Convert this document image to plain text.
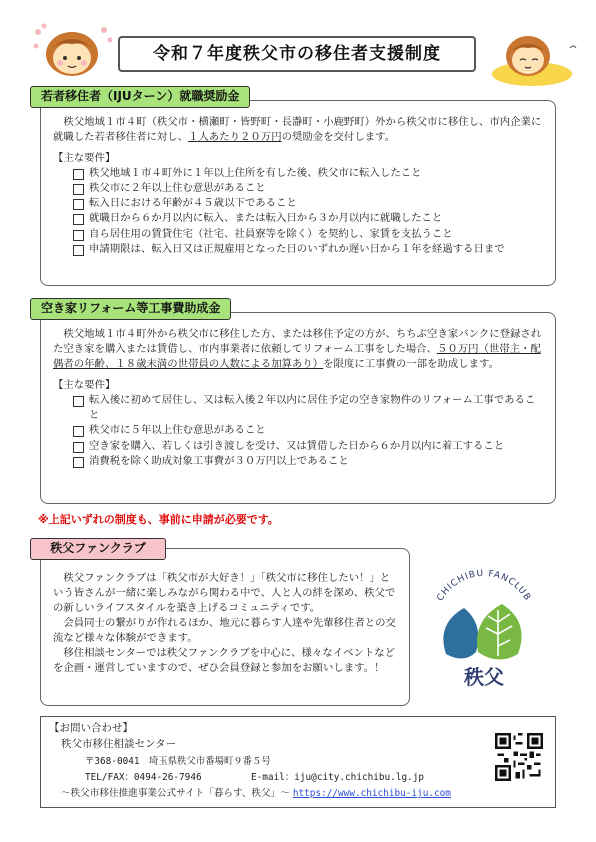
令和７年度秩父市の移住者支援制度

秩父地域１市４町（秩父市・横瀬町・皆野町・長瀞町・小鹿野町）外から秩父市に移住し、市内企業に就職した若者移住者に対し、１人あたり２０万円の奨励金を交付します。

【主な要件】

秩父地域１市４町外に１年以上住所を有した後、秩父市に転入したこと
秩父市に２年以上住む意思があること
転入日における年齢が４５歳以下であること
就職日から６か月以内に転入、または転入日から３か月以内に就職したこと
自ら居住用の賃貸住宅（社宅、社員寮等を除く）を契約し、家賃を支払うこと
申請期限は、転入日又は正規雇用となった日のいずれか遅い日から１年を経過する日まで
若者移住者（IJUターン）就職奨励金

秩父地域１市４町外から秩父市に移住した方、または移住予定の方が、ちちぶ空き家バンクに登録された空き家を購入または賃借し、市内事業者に依頼してリフォーム工事をした場合、５０万円（世帯主・配偶者の年齢、１８歳未満の世帯員の人数による加算あり）を限度に工事費の一部を助成します。

【主な要件】

転入後に初めて居住し、又は転入後２年以内に居住予定の空き家物件のリフォーム工事であること
秩父市に５年以上住む意思があること
空き家を購入、若しくは引き渡しを受け、又は賃借した日から６か月以内に着工すること
消費税を除く助成対象工事費が３０万円以上であること
空き家リフォーム等工事費助成金
※上記いずれの制度も、事前に申請が必要です。

秩父ファンクラブは「秩父市が大好き！」「秩父市に移住したい！」という皆さんが一緒に楽しみながら関わる中で、人と人の絆を深め、秩父での新しいライフスタイルを築き上げるコミュニティです。

会員同士の繋がりが作れるほか、地元に暮らす人達や先輩移住者との交流など様々な体験ができます。

移住相談センターでは秩父ファンクラブを中心に、様々なイベントなどを企画・運営していますので、ぜひ会員登録と参加をお願いします。！

秩父ファンクラブ
CHICHIBU FANCLUB
秩父
【お問い合わせ】
秩父市移住相談センター
〒368-0041　埼玉県秩父市番場町９番５号
TEL/FAX：0494-26-7946	E-mail：iju@city.chichibu.lg.jp
～秩父市移住推進事業公式サイト「暮らす、秩父」～ https://www.chichibu-iju.com
